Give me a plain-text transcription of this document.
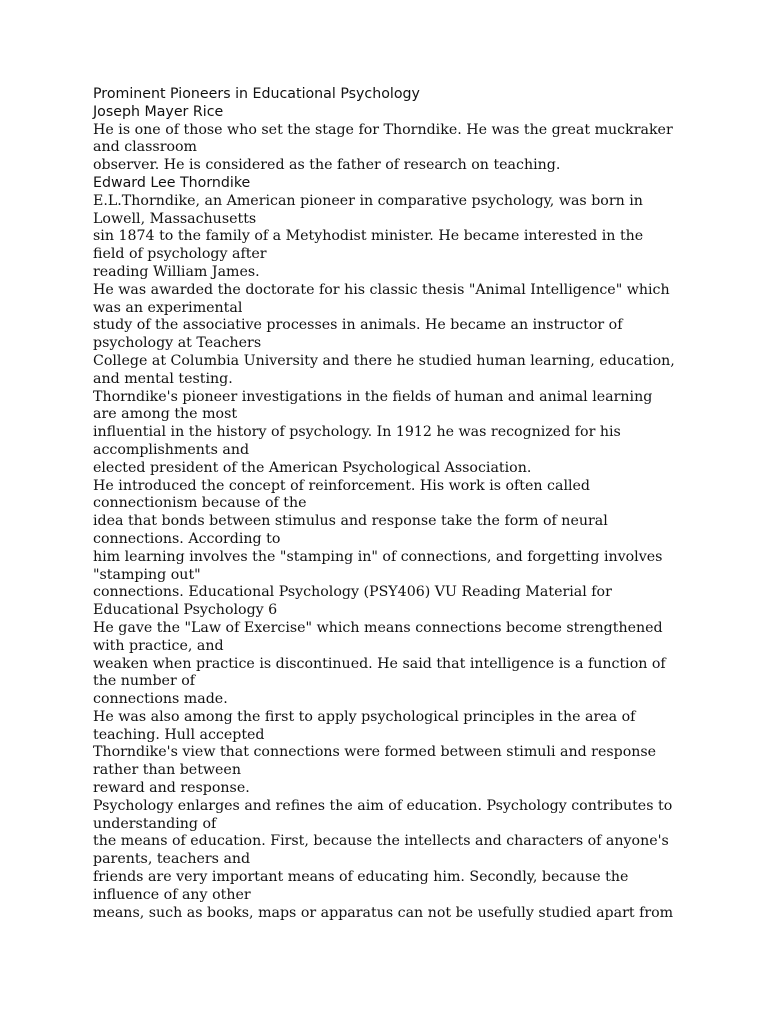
Prominent Pioneers in Educational Psychology
Joseph Mayer Rice
He is one of those who set the stage for Thorndike. He was the great muckraker
and classroom
observer. He is considered as the father of research on teaching.
Edward Lee Thorndike
E.L.Thorndike, an American pioneer in comparative psychology, was born in
Lowell, Massachusetts
sin 1874 to the family of a Metyhodist minister. He became interested in the
field of psychology after
reading William James.
He was awarded the doctorate for his classic thesis "Animal Intelligence" which
was an experimental
study of the associative processes in animals. He became an instructor of
psychology at Teachers
College at Columbia University and there he studied human learning, education,
and mental testing.
Thorndike's pioneer investigations in the fields of human and animal learning
are among the most
influential in the history of psychology. In 1912 he was recognized for his
accomplishments and
elected president of the American Psychological Association.
He introduced the concept of reinforcement. His work is often called
connectionism because of the
idea that bonds between stimulus and response take the form of neural
connections. According to
him learning involves the "stamping in" of connections, and forgetting involves
"stamping out"
connections. Educational Psychology (PSY406) VU Reading Material for
Educational Psychology 6
He gave the "Law of Exercise" which means connections become strengthened
with practice, and
weaken when practice is discontinued. He said that intelligence is a function of
the number of
connections made.
He was also among the first to apply psychological principles in the area of
teaching. Hull accepted
Thorndike's view that connections were formed between stimuli and response
rather than between
reward and response.
Psychology enlarges and refines the aim of education. Psychology contributes to
understanding of
the means of education. First, because the intellects and characters of anyone's
parents, teachers and
friends are very important means of educating him. Secondly, because the
influence of any other
means, such as books, maps or apparatus can not be usefully studied apart from
